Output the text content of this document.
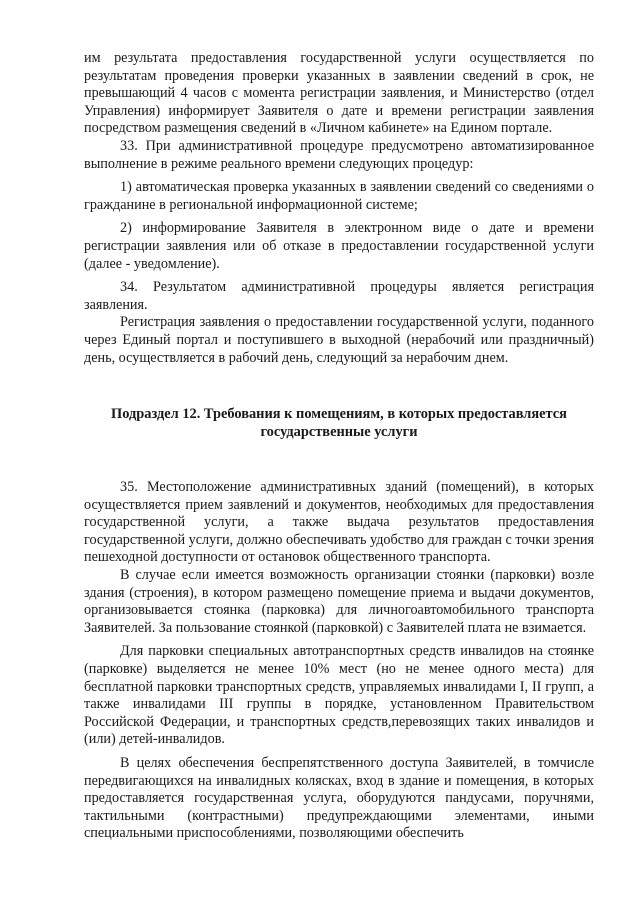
им результата предоставления государственной услуги осуществляется по результатам проведения проверки указанных в заявлении сведений в срок, не превышающий 4 часов с момента регистрации заявления, и Министерство (отдел Управления) информирует Заявителя о дате и времени регистрации заявления посредством размещения сведений в «Личном кабинете» на Едином портале.

33. При административной процедуре предусмотрено автоматизированное выполнение в режиме реального времени следующих процедур:

1) автоматическая проверка указанных в заявлении сведений со сведениями о гражданине в региональной информационной системе;

2) информирование Заявителя в электронном виде о дате и времени регистрации заявления или об отказе в предоставлении государственной услуги (далее - уведомление).

34. Результатом административной процедуры является регистрация заявления.

Регистрация заявления о предоставлении государственной услуги, поданного через Единый портал и поступившего в выходной (нерабочий или праздничный) день, осуществляется в рабочий день, следующий за нерабочим днем.

Подраздел 12. Требования к помещениям, в которых предоставляется государственные услуги

35. Местоположение административных зданий (помещений), в которых осуществляется прием заявлений и документов, необходимых для предоставления государственной услуги, а также выдача результатов предоставления государственной услуги, должно обеспечивать удобство для граждан с точки зрения пешеходной доступности от остановок общественного транспорта.

В случае если имеется возможность организации стоянки (парковки) возле здания (строения), в котором размещено помещение приема и выдачи документов, организовывается стоянка (парковка) для личногоавтомобильного транспорта Заявителей. За пользование стоянкой (парковкой) с Заявителей плата не взимается.

Для парковки специальных автотранспортных средств инвалидов на стоянке (парковке) выделяется не менее 10% мест (но не менее одного места) для бесплатной парковки транспортных средств, управляемых инвалидами I, II групп, а также инвалидами III группы в порядке, установленном Правительством Российской Федерации, и транспортных средств,перевозящих таких инвалидов и (или) детей-инвалидов.

В целях обеспечения беспрепятственного доступа Заявителей, в томчисле передвигающихся на инвалидных колясках, вход в здание и помещения, в которых предоставляется государственная услуга, оборудуются пандусами, поручнями, тактильными (контрастными) предупреждающими элементами, иными специальными приспособлениями, позволяющими обеспечить
